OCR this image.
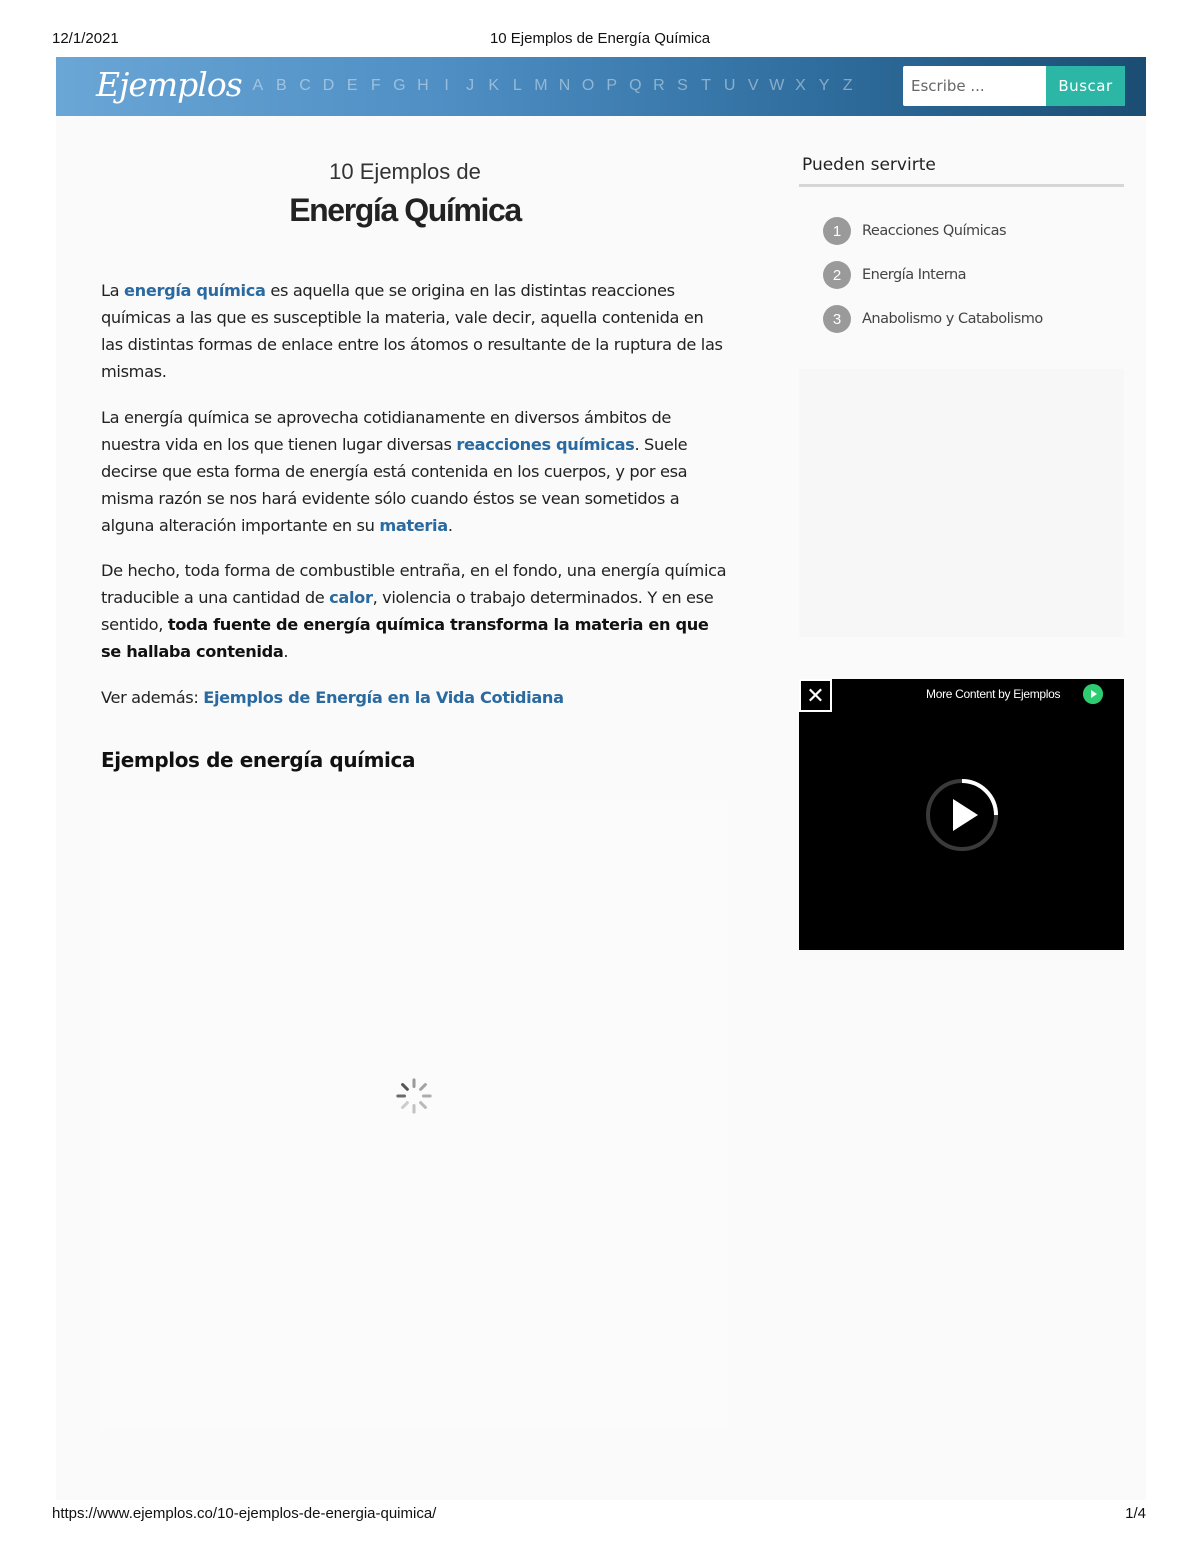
12/1/2021	10 Ejemplos de Energía Química
Ejemplos A B C D E F G H I	J K L M N O P Q R S T U V W X Y Z
Escribe ...	Buscar
10 Ejemplos de
Energía Química

La energía química es aquella que se origina en las distintas reacciones químicas a las que es susceptible la materia, vale decir, aquella contenida en las distintas formas de enlace entre los átomos o resultante de la ruptura de las mismas.

La energía química se aprovecha cotidianamente en diversos ámbitos de nuestra vida en los que tienen lugar diversas reacciones químicas. Suele decirse que esta forma de energía está contenida en los cuerpos, y por esa misma razón se nos hará evidente sólo cuando éstos se vean sometidos a alguna alteración importante en su materia.

De hecho, toda forma de combustible entraña, en el fondo, una energía química traducible a una cantidad de calor, violencia o trabajo determinados. Y en ese sentido, toda fuente de energía química transforma la materia en que se hallaba contenida.

Ver además: Ejemplos de Energía en la Vida Cotidiana

Ejemplos de energía química
Pueden servirte
1	Reacciones Químicas
2	Energía Interna
3	Anabolismo y Catabolismo
✕	More Content by Ejemplos
https://www.ejemplos.co/10-ejemplos-de-energia-quimica/	1/4
